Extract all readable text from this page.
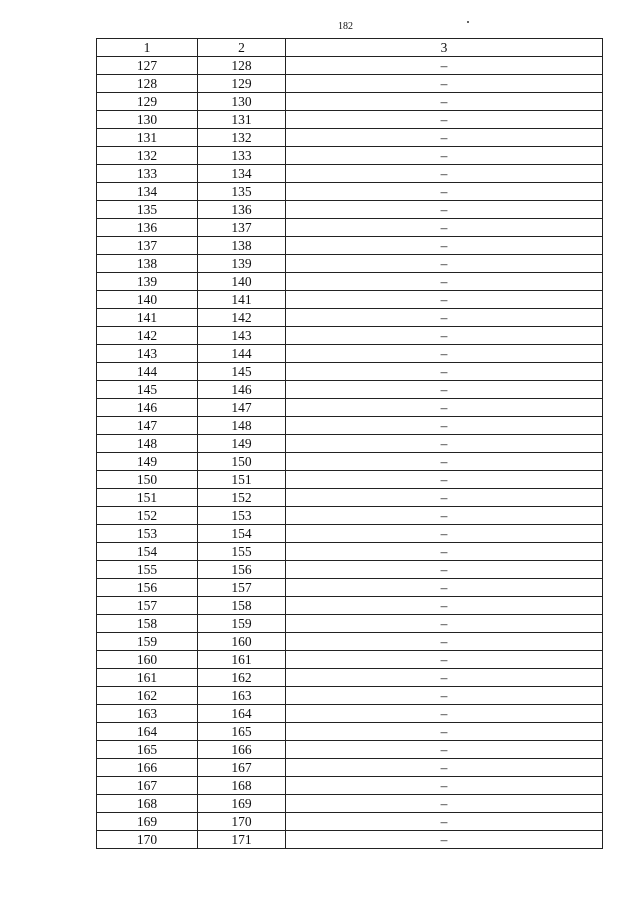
182
1	2	3
127	128	–
128	129	–
129	130	–
130	131	–
131	132	–
132	133	–
133	134	–
134	135	–
135	136	–
136	137	–
137	138	–
138	139	–
139	140	–
140	141	–
141	142	–
142	143	–
143	144	–
144	145	–
145	146	–
146	147	–
147	148	–
148	149	–
149	150	–
150	151	–
151	152	–
152	153	–
153	154	–
154	155	–
155	156	–
156	157	–
157	158	–
158	159	–
159	160	–
160	161	–
161	162	–
162	163	–
163	164	–
164	165	–
165	166	–
166	167	–
167	168	–
168	169	–
169	170	–
170	171	–
